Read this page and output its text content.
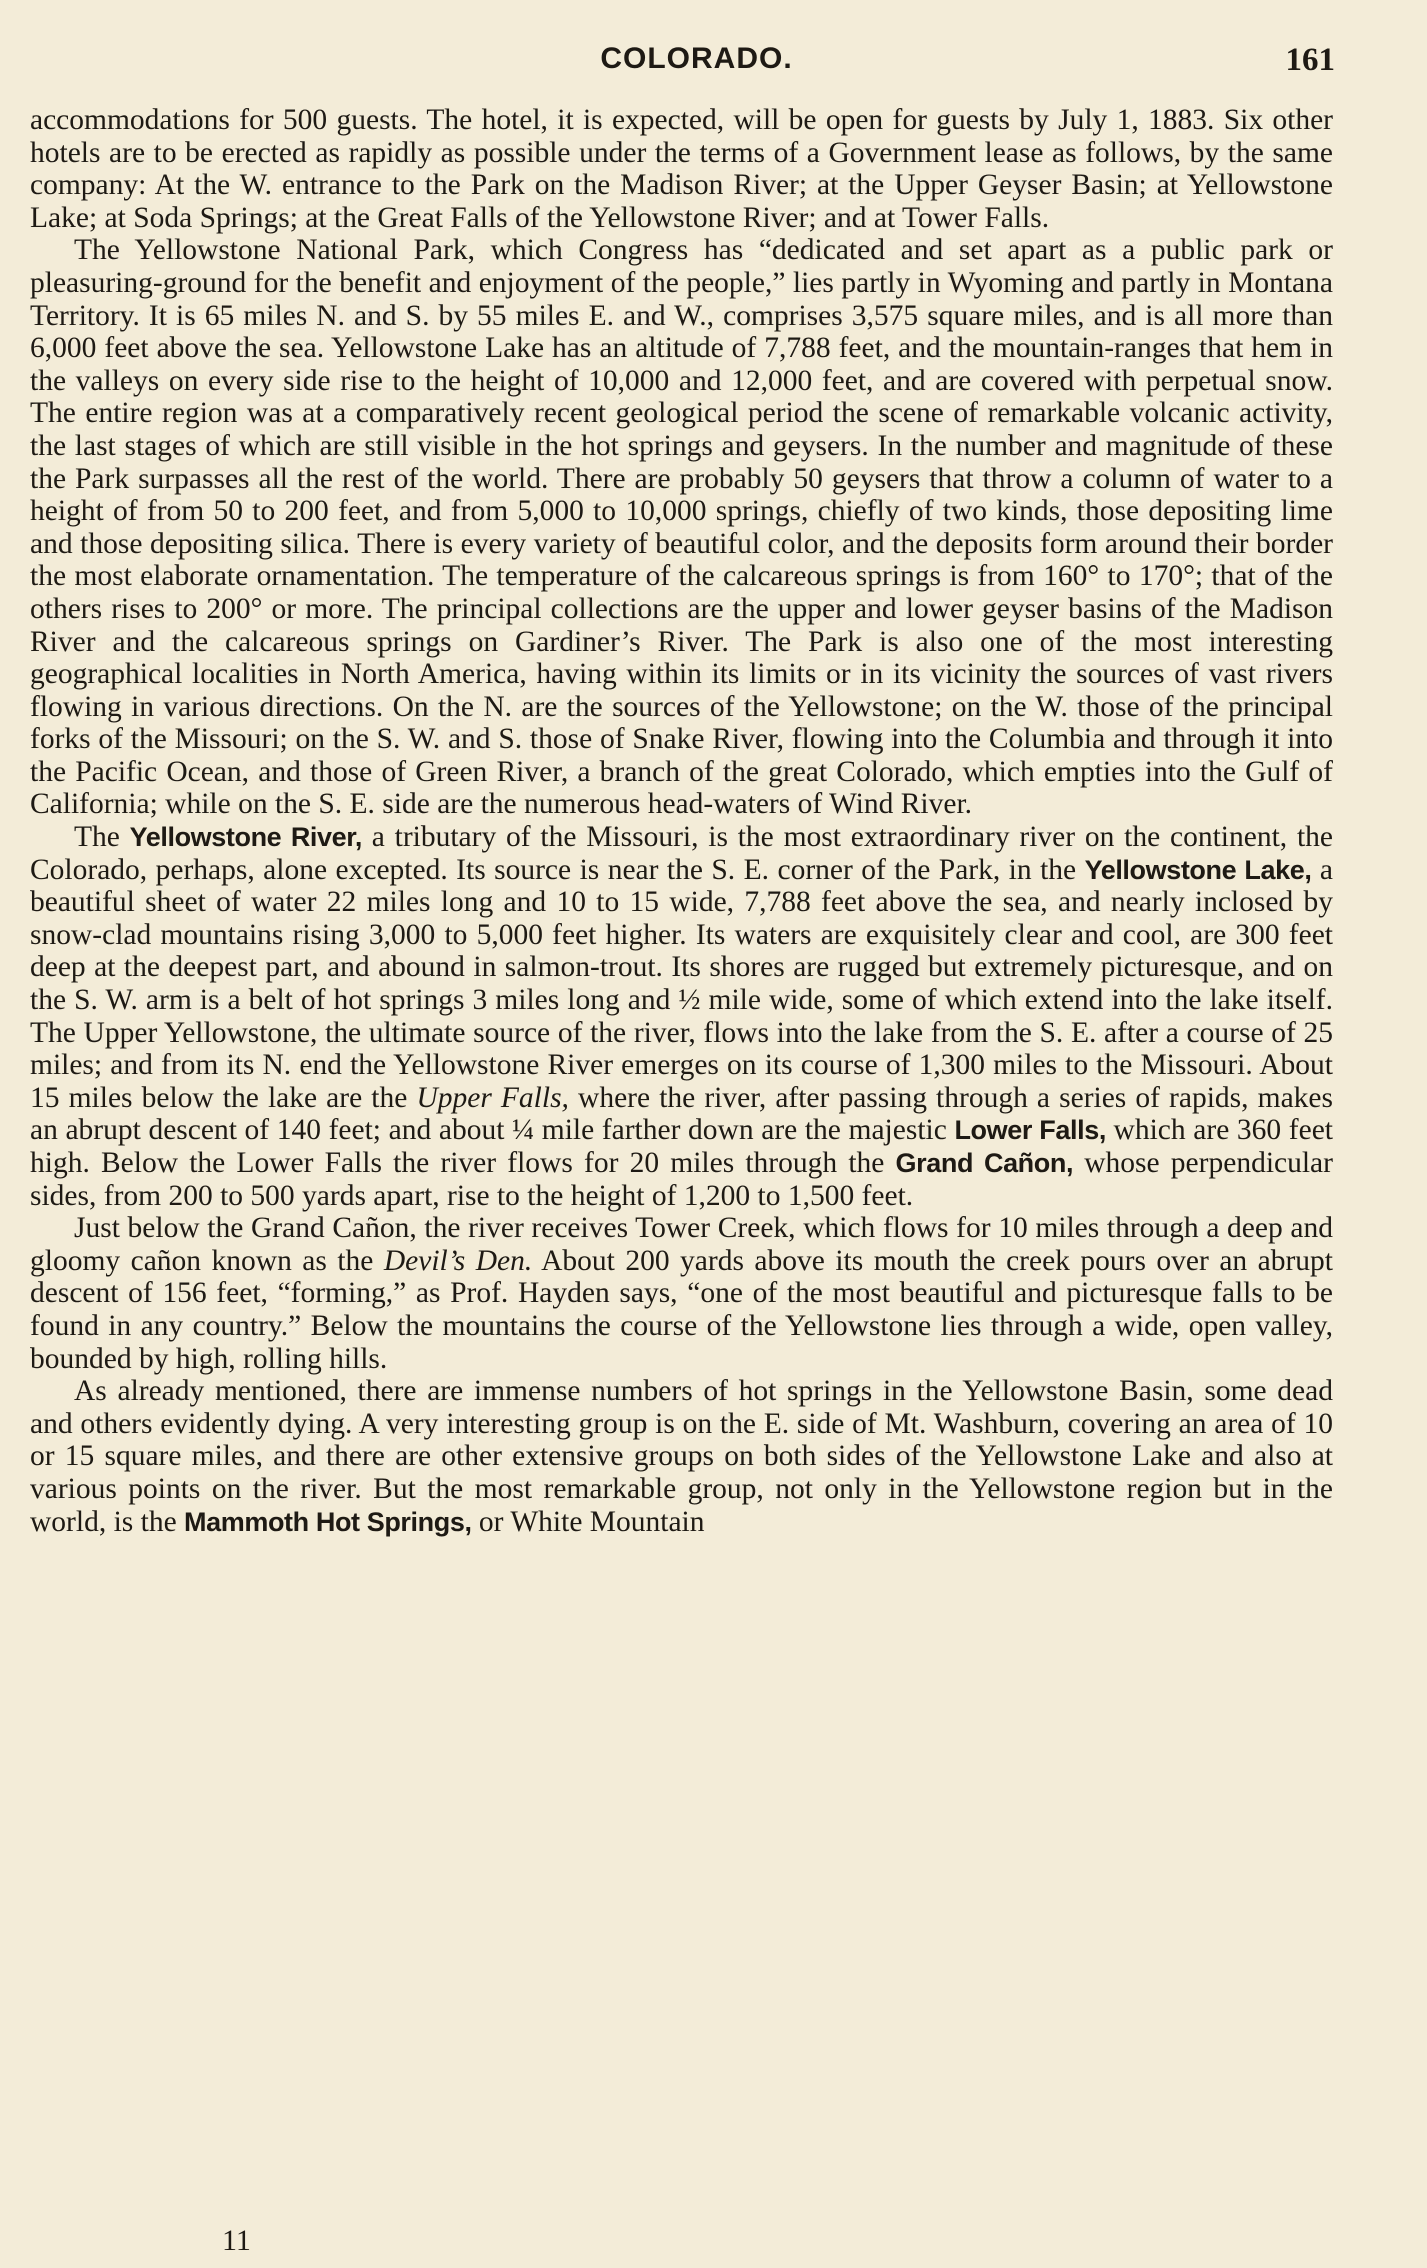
COLORADO.	161

accommodations for 500 guests. The hotel, it is expected, will be open for guests by July 1, 1883. Six other hotels are to be erected as rapidly as possible under the terms of a Government lease as follows, by the same company: At the W. entrance to the Park on the Madison River; at the Upper Geyser Basin; at Yellowstone Lake; at Soda Springs; at the Great Falls of the Yellowstone River; and at Tower Falls.

The Yellowstone National Park, which Congress has “dedicated and set apart as a public park or pleasuring-ground for the benefit and enjoyment of the people,” lies partly in Wyoming and partly in Montana Territory. It is 65 miles N. and S. by 55 miles E. and W., comprises 3,575 square miles, and is all more than 6,000 feet above the sea. Yellowstone Lake has an altitude of 7,788 feet, and the mountain-ranges that hem in the valleys on every side rise to the height of 10,000 and 12,000 feet, and are covered with perpetual snow. The entire region was at a comparatively recent geological period the scene of remarkable volcanic activity, the last stages of which are still visible in the hot springs and geysers. In the number and magnitude of these the Park surpasses all the rest of the world. There are probably 50 geysers that throw a column of water to a height of from 50 to 200 feet, and from 5,000 to 10,000 springs, chiefly of two kinds, those depositing lime and those depositing silica. There is every variety of beautiful color, and the deposits form around their border the most elaborate ornamentation. The temperature of the calcareous springs is from 160° to 170°; that of the others rises to 200° or more. The principal collections are the upper and lower geyser basins of the Madison River and the calcareous springs on Gardiner’s River. The Park is also one of the most interesting geographical localities in North America, having within its limits or in its vicinity the sources of vast rivers flowing in various directions. On the N. are the sources of the Yellowstone; on the W. those of the principal forks of the Missouri; on the S. W. and S. those of Snake River, flowing into the Columbia and through it into the Pacific Ocean, and those of Green River, a branch of the great Colorado, which empties into the Gulf of California; while on the S. E. side are the numerous head-waters of Wind River.

The Yellowstone River, a tributary of the Missouri, is the most extraordinary river on the continent, the Colorado, perhaps, alone excepted. Its source is near the S. E. corner of the Park, in the Yellowstone Lake, a beautiful sheet of water 22 miles long and 10 to 15 wide, 7,788 feet above the sea, and nearly inclosed by snow-clad mountains rising 3,000 to 5,000 feet higher. Its waters are exquisitely clear and cool, are 300 feet deep at the deepest part, and abound in salmon-trout. Its shores are rugged but extremely picturesque, and on the S. W. arm is a belt of hot springs 3 miles long and ½ mile wide, some of which extend into the lake itself. The Upper Yellowstone, the ultimate source of the river, flows into the lake from the S. E. after a course of 25 miles; and from its N. end the Yellowstone River emerges on its course of 1,300 miles to the Missouri. About 15 miles below the lake are the Upper Falls, where the river, after passing through a series of rapids, makes an abrupt descent of 140 feet; and about ¼ mile farther down are the majestic Lower Falls, which are 360 feet high. Below the Lower Falls the river flows for 20 miles through the Grand Cañon, whose perpendicular sides, from 200 to 500 yards apart, rise to the height of 1,200 to 1,500 feet.

Just below the Grand Cañon, the river receives Tower Creek, which flows for 10 miles through a deep and gloomy cañon known as the Devil’s Den. About 200 yards above its mouth the creek pours over an abrupt descent of 156 feet, “forming,” as Prof. Hayden says, “one of the most beautiful and picturesque falls to be found in any country.” Below the mountains the course of the Yellowstone lies through a wide, open valley, bounded by high, rolling hills.

As already mentioned, there are immense numbers of hot springs in the Yellowstone Basin, some dead and others evidently dying. A very interesting group is on the E. side of Mt. Washburn, covering an area of 10 or 15 square miles, and there are other extensive groups on both sides of the Yellowstone Lake and also at various points on the river. But the most remarkable group, not only in the Yellowstone region but in the world, is the Mammoth Hot Springs, or White Mountain

11
